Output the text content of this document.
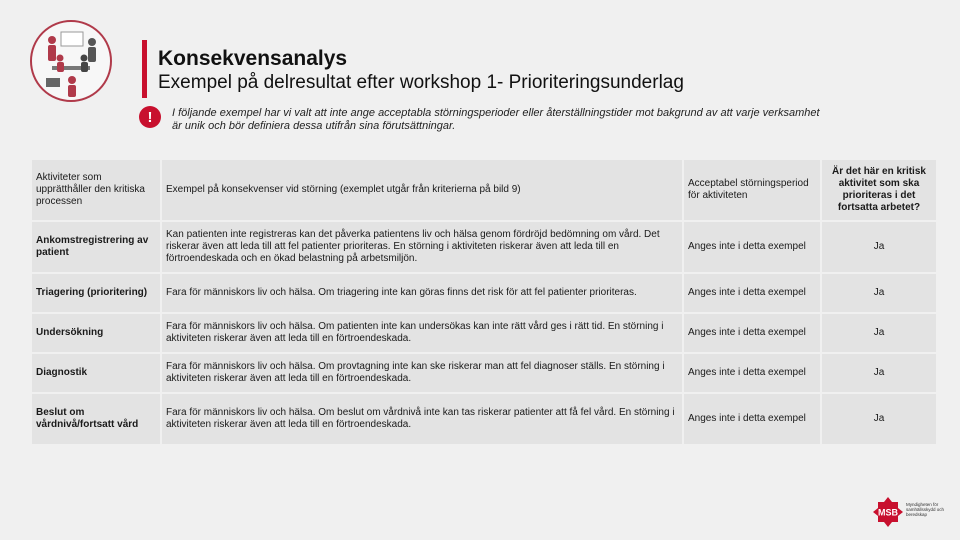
Konsekvensanalys
Exempel på delresultat efter workshop 1- Prioriteringsunderlag
!	I följande exempel har vi valt att inte ange acceptabla störningsperioder eller återställningstider mot bakgrund av att varje verksamhet är unik och bör definiera dessa utifrån sina förutsättningar.
Aktiviteter som upprätthåller den kritiska processen	Exempel på konsekvenser vid störning (exemplet utgår från kriterierna på bild 9)	Acceptabel störningsperiod för aktiviteten	Är det här en kritisk aktivitet som ska prioriteras i det fortsatta arbetet?
Ankomstregistrering av patient	Kan patienten inte registreras kan det påverka patientens liv och hälsa genom fördröjd bedömning om vård. Det riskerar även att leda till att fel patienter prioriteras. En störning i aktiviteten riskerar även att leda till en förtroendeskada och en ökad belastning på arbetsmiljön.	Anges inte i detta exempel	Ja
Triagering (prioritering)	Fara för människors liv och hälsa. Om triagering inte kan göras finns det risk för att fel patienter prioriteras.	Anges inte i detta exempel	Ja
Undersökning	Fara för människors liv och hälsa. Om patienten inte kan undersökas kan inte rätt vård ges i rätt tid. En störning i aktiviteten riskerar även att leda till en förtroendeskada.	Anges inte i detta exempel	Ja
Diagnostik	Fara för människors liv och hälsa. Om provtagning inte kan ske riskerar man att fel diagnoser ställs. En störning i aktiviteten riskerar även att leda till en förtroendeskada.	Anges inte i detta exempel	Ja
Beslut om vårdnivå/fortsatt vård	Fara för människors liv och hälsa. Om beslut om vårdnivå inte kan tas riskerar patienter att få fel vård. En störning i aktiviteten riskerar även att leda till en förtroendeskada.	Anges inte i detta exempel	Ja
MSB
Myndigheten för samhällsskydd och beredskap
